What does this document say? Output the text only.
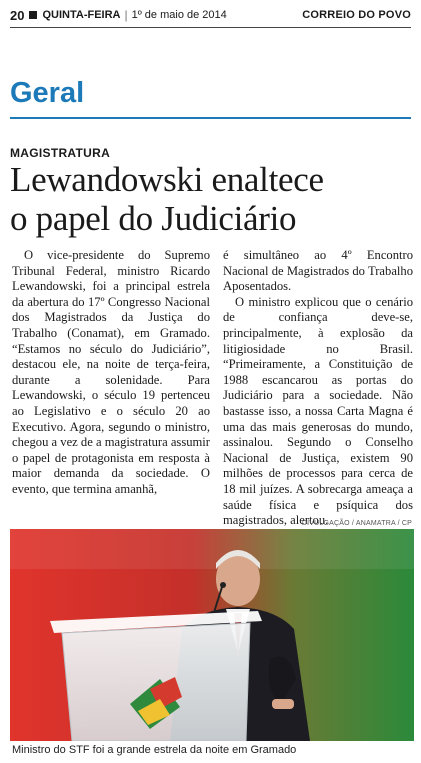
20 QUINTA-FEIRA | 1º de maio de 2014	CORREIO DO POVO
Geral
MAGISTRATURA
Lewandowski enaltece
o papel do Judiciário

O vice-presidente do Supremo Tribunal Federal, ministro Ricardo Lewandowski, foi a principal estrela da abertura do 17º Congresso Nacional dos Magistrados da Justiça do Trabalho (Conamat), em Gramado. “Estamos no século do Judiciário”, destacou ele, na noite de terça-feira, durante a solenidade. Para Lewandowski, o século 19 pertenceu ao Legislativo e o século 20 ao Executivo. Agora, segundo o ministro, chegou a vez de a magistratura assumir o papel de protagonista em resposta à maior demanda da sociedade. O evento, que termina amanhã,

é simultâneo ao 4º Encontro Nacional de Magistrados do Trabalho Aposentados.

O ministro explicou que o cenário de confiança deve-se, principalmente, à explosão da litigiosidade no Brasil. “Primeiramente, a Constituição de 1988 escancarou as portas do Judiciário para a sociedade. Não bastasse isso, a nossa Carta Magna é uma das mais generosas do mundo, assinalou. Segundo o Conselho Nacional de Justiça, existem 90 milhões de processos para cerca de 18 mil juízes. A sobrecarga ameaça a saúde física e psíquica dos magistrados, alertou.

DIVULGAÇÃO / ANAMATRA / CP
Ministro do STF foi a grande estrela da noite em Gramado
